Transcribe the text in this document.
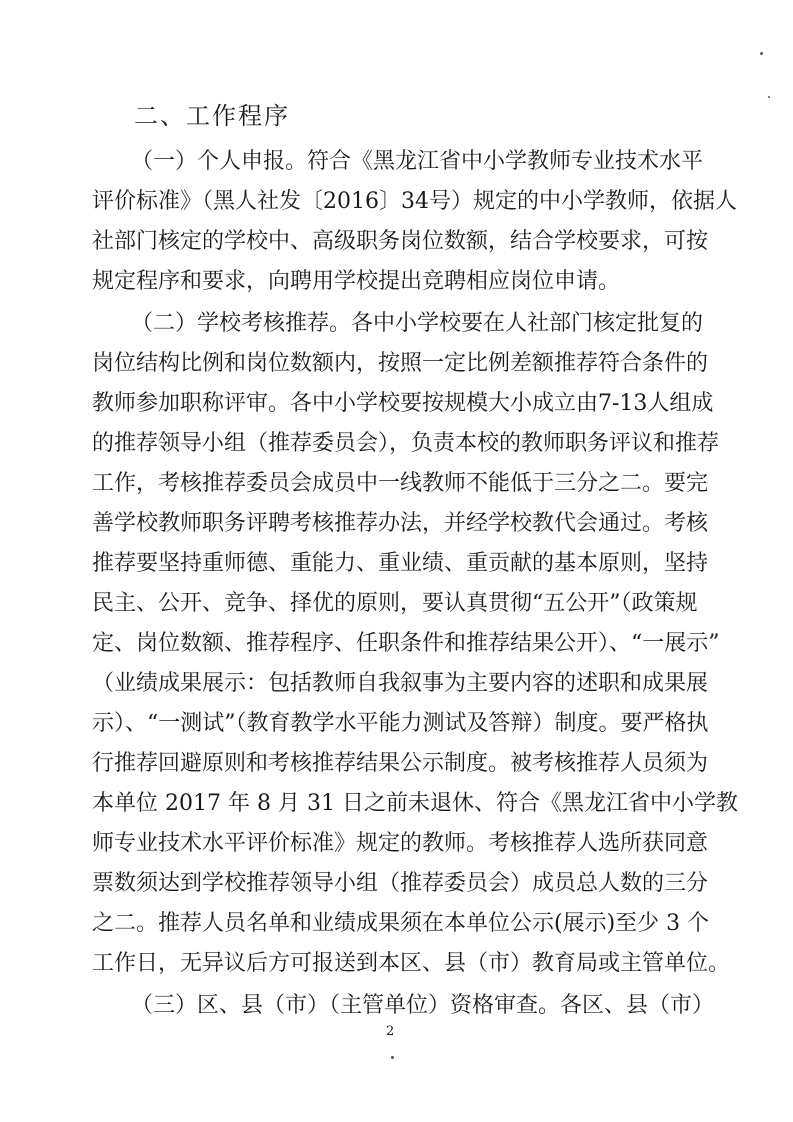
二、工作程序
（一）个人申报。符合《黑龙江省中小学教师专业技术水平
评价标准》（黑人社发〔2016〕34号）规定的中小学教师，依据人
社部门核定的学校中、高级职务岗位数额，结合学校要求，可按
规定程序和要求，向聘用学校提出竞聘相应岗位申请。
（二）学校考核推荐。各中小学校要在人社部门核定批复的
岗位结构比例和岗位数额内，按照一定比例差额推荐符合条件的
教师参加职称评审。各中小学校要按规模大小成立由7-13人组成
的推荐领导小组（推荐委员会），负责本校的教师职务评议和推荐
工作，考核推荐委员会成员中一线教师不能低于三分之二。要完
善学校教师职务评聘考核推荐办法，并经学校教代会通过。考核
推荐要坚持重师德、重能力、重业绩、重贡献的基本原则，坚持
民主、公开、竞争、择优的原则，要认真贯彻“五公开”（政策规
定、岗位数额、推荐程序、任职条件和推荐结果公开）、“一展示”
（业绩成果展示：包括教师自我叙事为主要内容的述职和成果展
示）、“一测试”（教育教学水平能力测试及答辩）制度。要严格执
行推荐回避原则和考核推荐结果公示制度。被考核推荐人员须为
本单位 2017 年 8 月 31 日之前未退休、符合《黑龙江省中小学教
师专业技术水平评价标准》规定的教师。考核推荐人选所获同意
票数须达到学校推荐领导小组（推荐委员会）成员总人数的三分
之二。推荐人员名单和业绩成果须在本单位公示(展示)至少 3 个
工作日，无异议后方可报送到本区、县（市）教育局或主管单位。
（三）区、县（市）（主管单位）资格审查。各区、县（市）
2
